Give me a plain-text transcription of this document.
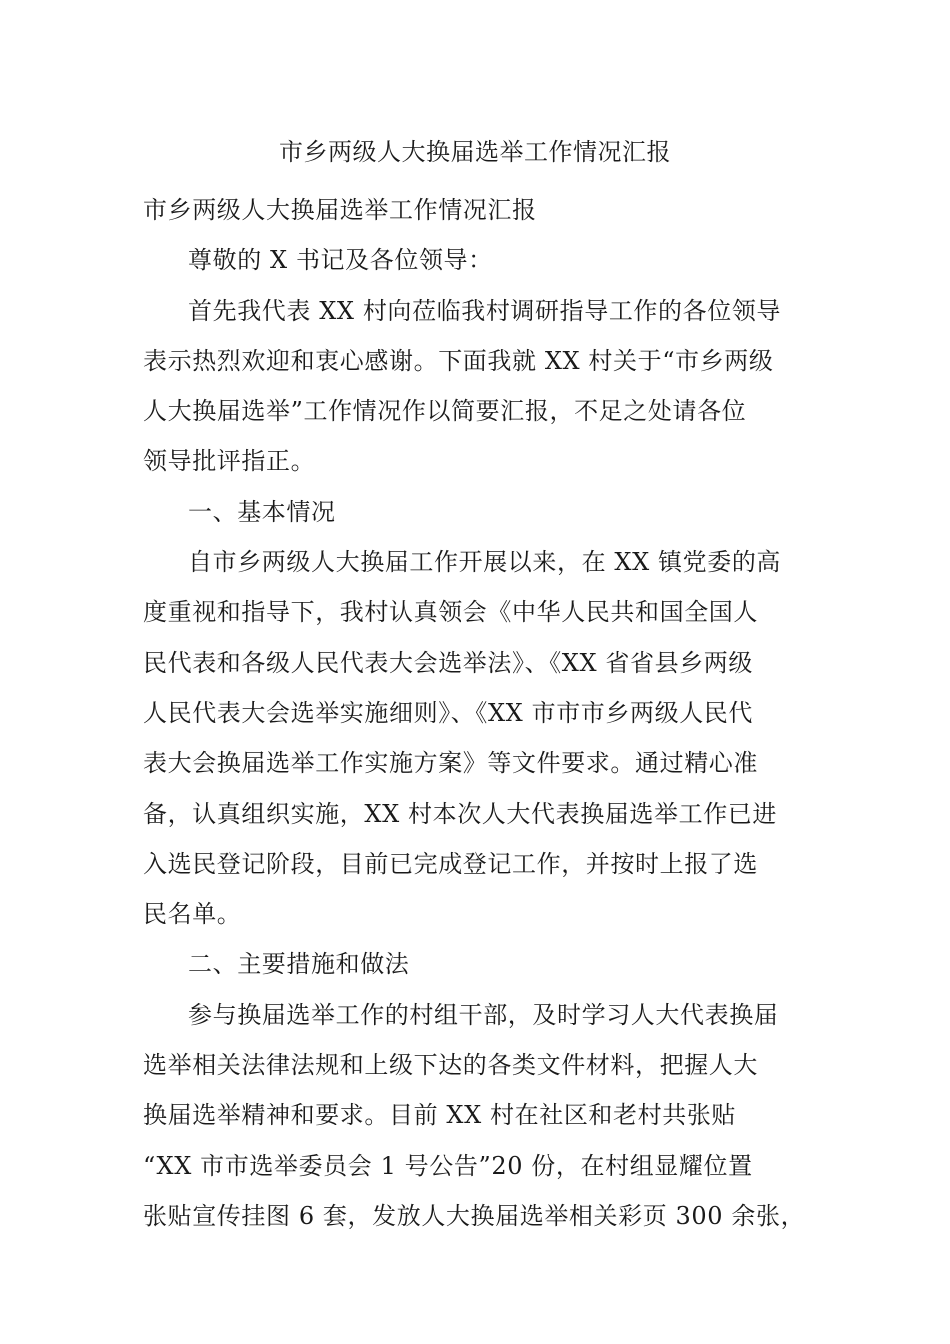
市乡两级人大换届选举工作情况汇报

市乡两级人大换届选举工作情况汇报

尊敬的 X 书记及各位领导：

首先我代表 XX 村向莅临我村调研指导工作的各位领导

表示热烈欢迎和衷心感谢。下面我就 XX 村关于“市乡两级

人大换届选举”工作情况作以简要汇报，不足之处请各位

领导批评指正。

一、基本情况

自市乡两级人大换届工作开展以来，在 XX 镇党委的高

度重视和指导下，我村认真领会《中华人民共和国全国人

民代表和各级人民代表大会选举法》、《XX 省省县乡两级

人民代表大会选举实施细则》、《XX 市市市乡两级人民代

表大会换届选举工作实施方案》等文件要求。通过精心准

备，认真组织实施，XX 村本次人大代表换届选举工作已进

入选民登记阶段，目前已完成登记工作，并按时上报了选

民名单。

二、主要措施和做法

参与换届选举工作的村组干部，及时学习人大代表换届

选举相关法律法规和上级下达的各类文件材料，把握人大

换届选举精神和要求。目前 XX 村在社区和老村共张贴

“XX 市市选举委员会 1 号公告”20 份，在村组显耀位置

张贴宣传挂图 6 套，发放人大换届选举相关彩页 300 余张，
